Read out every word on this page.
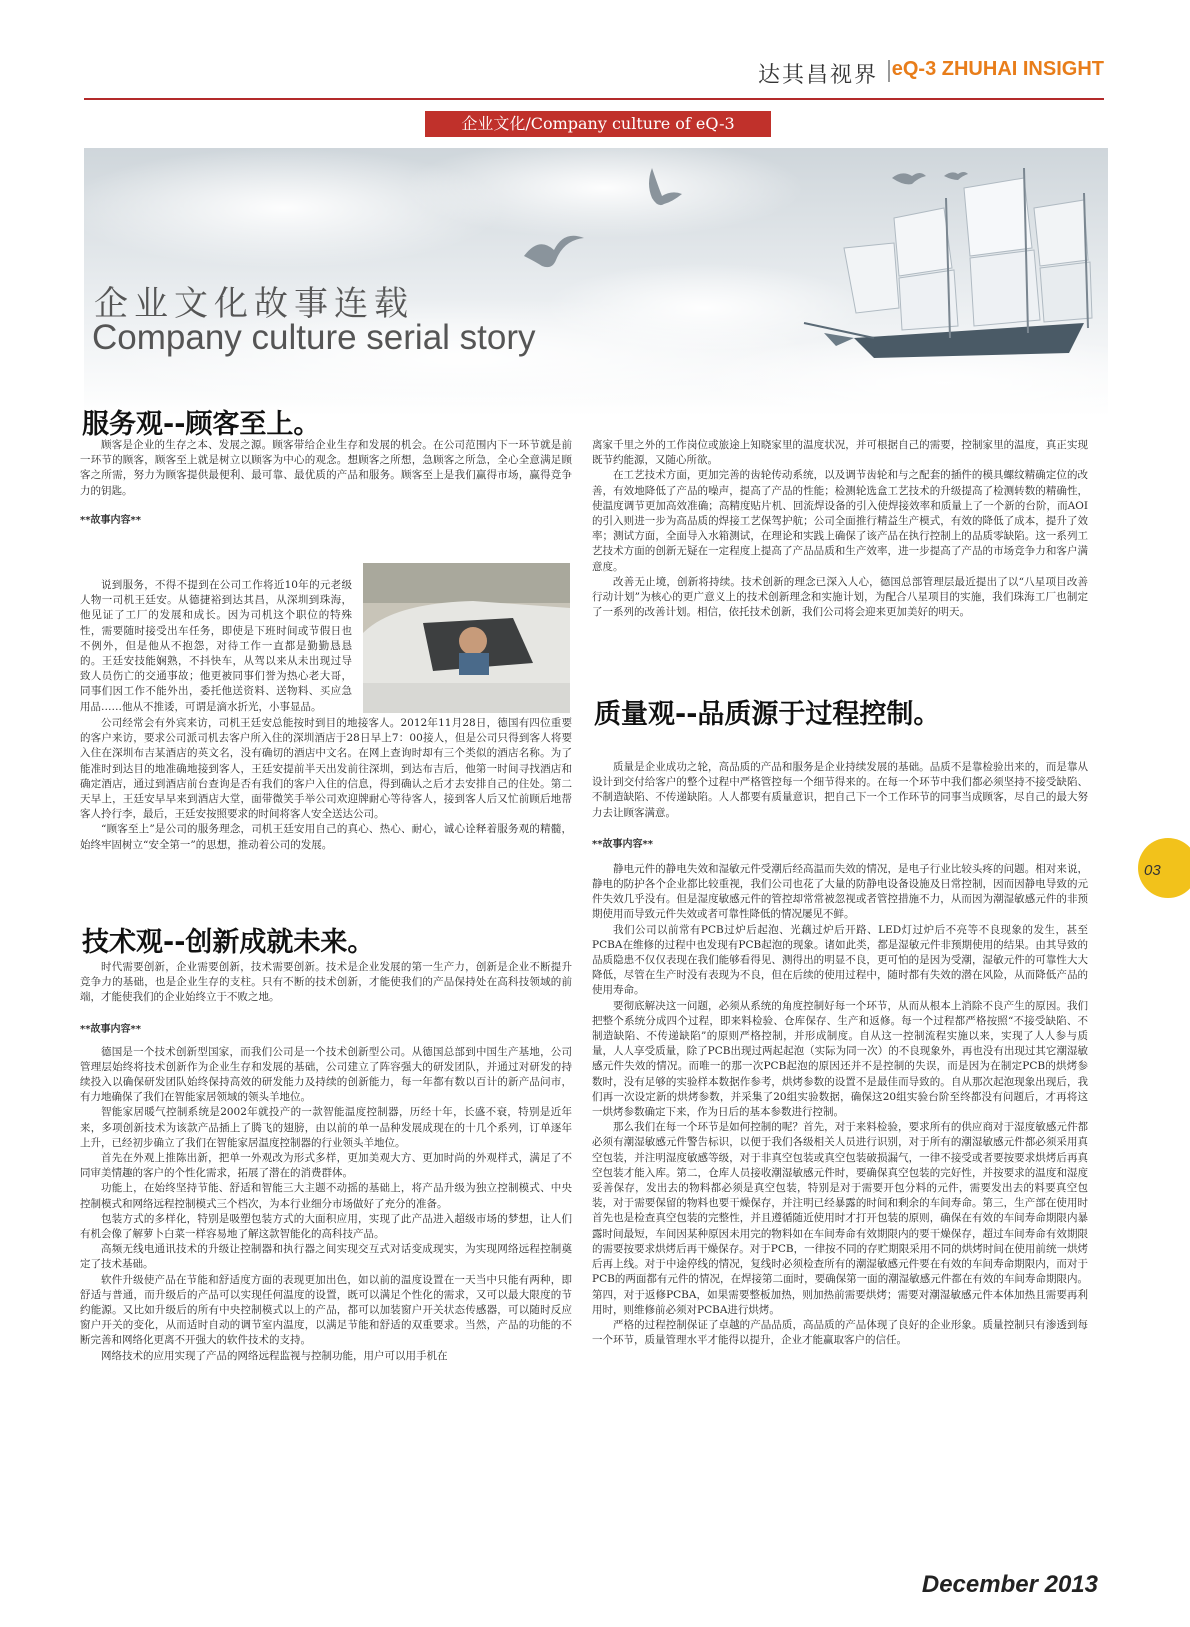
达其昌视界 eQ-3 ZHUHAI INSIGHT
企业文化/Company culture of eQ-3
企业文化故事连载
Company culture serial story
服务观--顾客至上。

顾客是企业的生存之本、发展之源。顾客带给企业生存和发展的机会。在公司范围内下一环节就是前一环节的顾客，顾客至上就是树立以顾客为中心的观念。想顾客之所想，急顾客之所急，全心全意满足顾客之所需，努力为顾客提供最便利、最可靠、最优质的产品和服务。顾客至上是我们赢得市场，赢得竞争力的钥匙。

**故事内容**

说到服务，不得不提到在公司工作将近10年的元老级人物一司机王廷安。从德捷裕到达其昌，从深圳到珠海，他见证了工厂的发展和成长。因为司机这个职位的特殊性，需要随时接受出车任务，即使是下班时间或节假日也不例外，但是他从不抱怨，对待工作一直都是勤勤恳恳的。王廷安技能娴熟，不抖快车，从驾以来从未出现过导致人员伤亡的交通事故；他更被同事们誉为热心老大哥，同事们因工作不能外出，委托他送资料、送物料、买应急用品……他从不推诿，可谓是滴水折光，小事显品。

公司经常会有外宾来访，司机王廷安总能按时到目的地接客人。2012年11月28日，德国有四位重要的客户来访，要求公司派司机去客户所入住的深圳酒店于28日早上7：00接人，但是公司只得到客人将要入住在深圳布吉某酒店的英文名，没有确切的酒店中文名。在网上查询时却有三个类似的酒店名称。为了能准时到达目的地准确地接到客人，王廷安提前半天出发前往深圳，到达布吉后，他第一时间寻找酒店和确定酒店，通过到酒店前台查询是否有我们的客户入住的信息，得到确认之后才去安排自己的住处。第二天早上，王廷安早早来到酒店大堂，面带微笑手举公司欢迎牌耐心等待客人，接到客人后又忙前顾后地帮客人拎行李，最后，王廷安按照要求的时间将客人安全送达公司。

“顾客至上”是公司的服务理念，司机王廷安用自己的真心、热心、耐心，诚心诠释着服务观的精髓，始终牢固树立“安全第一”的思想，推动着公司的发展。

技术观--创新成就未来。

时代需要创新，企业需要创新，技术需要创新。技术是企业发展的第一生产力，创新是企业不断提升竞争力的基础，也是企业生存的支柱。只有不断的技术创新，才能使我们的产品保持处在高科技领域的前端，才能使我们的企业始终立于不败之地。

**故事内容**

德国是一个技术创新型国家，而我们公司是一个技术创新型公司。从德国总部到中国生产基地，公司管理层始终将技术创新作为企业生存和发展的基础，公司建立了阵容强大的研发团队，并通过对研发的持续投入以确保研发团队始终保持高效的研发能力及持续的创新能力，每一年都有数以百计的新产品问市，有力地确保了我们在智能家居领域的领头羊地位。

智能家居暖气控制系统是2002年就投产的一款智能温度控制器，历经十年，长盛不衰，特别是近年来，多项创新技术为该款产品插上了腾飞的翅膀，由以前的单一品种发展成现在的十几个系列，订单逐年上升，已经初步确立了我们在智能家居温度控制器的行业领头羊地位。

首先在外观上推陈出新，把单一外观改为形式多样，更加美观大方、更加时尚的外观样式，满足了不同审美情趣的客户的个性化需求，拓展了潜在的消费群体。

功能上，在始终坚持节能、舒适和智能三大主题不动摇的基础上，将产品升级为独立控制模式、中央控制模式和网络远程控制模式三个档次，为本行业细分市场做好了充分的准备。

包装方式的多样化，特别是吸塑包装方式的大面积应用，实现了此产品进入超级市场的梦想，让人们有机会像了解萝卜白菜一样容易地了解这款智能化的高科技产品。

高频无线电通讯技术的升级让控制器和执行器之间实现交互式对话变成现实，为实现网络远程控制奠定了技术基础。

软件升级使产品在节能和舒适度方面的表现更加出色，如以前的温度设置在一天当中只能有两种，即舒适与普通，而升级后的产品可以实现任何温度的设置，既可以满足个性化的需求，又可以最大限度的节约能源。又比如升级后的所有中央控制模式以上的产品，都可以加装窗户开关状态传感器，可以随时反应窗户开关的变化，从而适时自动的调节室内温度，以满足节能和舒适的双重要求。当然，产品的功能的不断完善和网络化更离不开强大的软件技术的支持。

网络技术的应用实现了产品的网络远程监视与控制功能，用户可以用手机在

离家千里之外的工作岗位或旅途上知晓家里的温度状况，并可根据自己的需要，控制家里的温度，真正实现既节约能源，又随心所欲。

在工艺技术方面，更加完善的齿轮传动系统，以及调节齿轮和与之配套的插件的模具螺纹精确定位的改善，有效地降低了产品的噪声，提高了产品的性能；检测轮选盒工艺技术的升级提高了检测转数的精确性，使温度调节更加高效准确；高精度贴片机、回流焊设备的引入使焊接效率和质量上了一个新的台阶，而AOI的引入则进一步为高品质的焊接工艺保驾护航；公司全面推行精益生产模式，有效的降低了成本，提升了效率；测试方面，全面导入水箱测试，在理论和实践上确保了该产品在执行控制上的品质零缺陷。这一系列工艺技术方面的创新无疑在一定程度上提高了产品品质和生产效率，进一步提高了产品的市场竞争力和客户满意度。

改善无止境，创新将持续。技术创新的理念已深入人心，德国总部管理层最近提出了以“八星项目改善行动计划”为核心的更广意义上的技术创新理念和实施计划，为配合八星项目的实施，我们珠海工厂也制定了一系列的改善计划。相信，依托技术创新，我们公司将会迎来更加美好的明天。

质量观--品质源于过程控制。

质量是企业成功之轮，高品质的产品和服务是企业持续发展的基础。品质不是靠检验出来的，而是靠从设计到交付给客户的整个过程中严格管控每一个细节得来的。在每一个环节中我们都必须坚持不接受缺陷、不制造缺陷、不传递缺陷。人人都要有质量意识，把自己下一个工作环节的同事当成顾客，尽自己的最大努力去让顾客满意。

**故事内容**

静电元件的静电失效和湿敏元件受潮后经高温而失效的情况，是电子行业比较头疼的问题。相对来说，静电的防护各个企业都比较重视，我们公司也花了大量的防静电设备设施及日常控制，因而因静电导致的元件失效几乎没有。但是湿度敏感元件的管控却常常被忽视或者管控措施不力，从而因为潮湿敏感元件的非预期使用而导致元件失效或者可靠性降低的情况屡见不鲜。

我们公司以前常有PCB过炉后起泡、光藕过炉后开路、LED灯过炉后不亮等不良现象的发生，甚至PCBA在维修的过程中也发现有PCB起泡的现象。诸如此类，都是湿敏元件非预期使用的结果。由其导致的品质隐患不仅仅表现在我们能够看得见、测得出的明显不良，更可怕的是因为受潮，湿敏元件的可靠性大大降低，尽管在生产时没有表现为不良，但在后续的使用过程中，随时都有失效的潜在风险，从而降低产品的使用寿命。

要彻底解决这一问题，必须从系统的角度控制好每一个环节，从而从根本上消除不良产生的原因。我们把整个系统分成四个过程，即来料检验、仓库保存、生产和返修。每一个过程都严格按照“不接受缺陷、不制造缺陷、不传递缺陷”的原则严格控制，并形成制度。自从这一控制流程实施以来，实现了人人参与质量，人人享受质量，除了PCB出现过两起起泡（实际为同一次）的不良现象外，再也没有出现过其它潮湿敏感元件失效的情况。而唯一的那一次PCB起泡的原因还并不是控制的失误，而是因为在制定PCB的烘烤参数时，没有足够的实验样本数据作参考，烘烤参数的设置不是最佳而导致的。自从那次起泡现象出现后，我们再一次设定新的烘烤参数，并采集了20组实验数据，确保这20组实验台阶至终都没有问题后，才再将这一烘烤参数确定下来，作为日后的基本参数进行控制。

那么我们在每一个环节是如何控制的呢？首先，对于来料检验，要求所有的供应商对于湿度敏感元件都必须有潮湿敏感元件警告标识，以便于我们各级相关人员进行识别，对于所有的潮湿敏感元件都必须采用真空包装，并注明湿度敏感等级，对于非真空包装或真空包装破损漏气，一律不接受或者要按要求烘烤后再真空包装才能入库。第二，仓库人员接收潮湿敏感元件时，要确保真空包装的完好性，并按要求的温度和湿度妥善保存，发出去的物料都必须是真空包装，特别是对于需要开包分料的元件，需要发出去的料要真空包装，对于需要保留的物料也要干燥保存，并注明已经暴露的时间和剩余的车间寿命。第三，生产部在使用时首先也是检查真空包装的完整性，并且遵循随近使用时才打开包装的原则，确保在有效的车间寿命期限内暴露时间最短，车间因某种原因未用完的物料如在车间寿命有效期限内的要干燥保存，超过车间寿命有效期限的需要按要求烘烤后再干燥保存。对于PCB，一律按不同的存贮期限采用不同的烘烤时间在使用前统一烘烤后再上线。对于中途停线的情况，复线时必须检查所有的潮湿敏感元件要在有效的车间寿命期限内，而对于PCB的两面都有元件的情况，在焊接第二面时，要确保第一面的潮湿敏感元件都在有效的车间寿命期限内。第四，对于返修PCBA，如果需要整板加热，则加热前需要烘烤；需要对潮湿敏感元件本体加热且需要再利用时，则维修前必须对PCBA进行烘烤。

严格的过程控制保证了卓越的产品品质，高品质的产品体现了良好的企业形象。质量控制只有渗透到每一个环节，质量管理水平才能得以提升，企业才能赢取客户的信任。

03
December 2013
